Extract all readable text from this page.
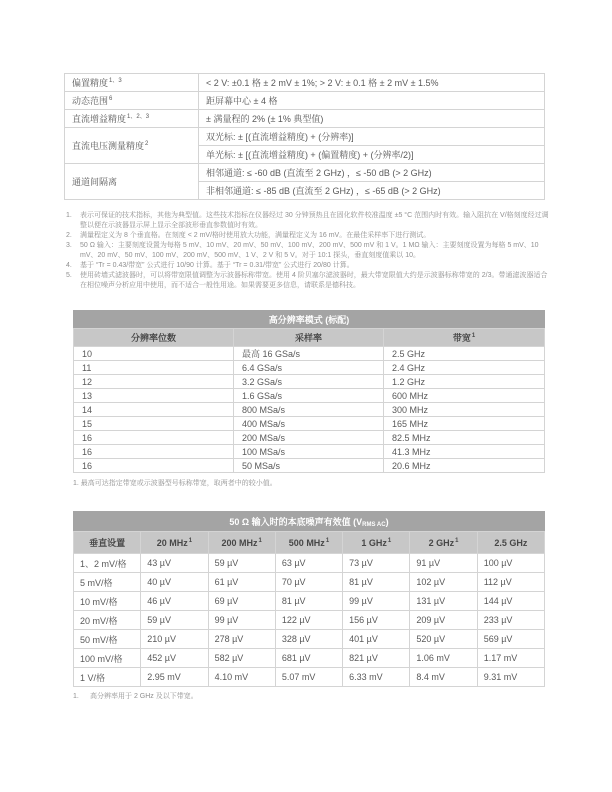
偏置精度$^{1、3}$	< 2 V: ±0.1 格 ± 2 mV ± 1%; > 2 V: ± 0.1 格 ± 2 mV ± 1.5%
动态范围$^6$	距屏幕中心 ± 4 格
直流增益精度$^{1、2、3}$	± 满量程的 2% (± 1% 典型值)
直流电压测量精度$^2$	双光标: ± [(直流增益精度) + (分辨率)]
	单光标: ± [(直流增益精度) + (偏置精度) + (分辨率/2)]
通道间隔离	相邻通道: ≤ -60 dB (直流至 2 GHz) ，≤ -50 dB (> 2 GHz)
	非相邻通道: ≤ -85 dB (直流至 2 GHz) ，≤ -65 dB (> 2 GHz)
1.	表示可保证的技术指标，其他为典型值。这些技术指标在仪器经过 30 分钟预热且在固化软件校准温度 ±5 °C 范围内时有效。输入阻抗在 V/格刻度经过调整以便在示波器显示屏上显示全部波形垂直参数值时有效。
2.	满量程定义为 8 个垂直格。在刻度 < 2 mV/格时使用放大功能，满量程定义为 16 mV。在最佳采样率下进行测试。
3.	50 Ω 输入：主要刻度设置为每格 5 mV、10 mV、20 mV、50 mV、100 mV、200 mV、500 mV 和 1 V。1 MΩ 输入：主要刻度设置为每格 5 mV、10 mV、20 mV、50 mV、100 mV、200 mV、500 mV、1 V、2 V 和 5 V。对于 10:1 探头，垂直刻度值乘以 10。
4.	基于 “Tr = 0.43/带宽” 公式进行 10/90 计算。基于 “Tr = 0.31/带宽” 公式进行 20/80 计算。
5.	使用砖墙式滤波器时，可以将带宽限值调整为示波器标称带宽。使用 4 阶贝塞尔滤波器时，最大带宽限值大约是示波器标称带宽的 2/3。带通滤波器适合在相位噪声分析应用中使用，而不适合一般性用途。如果需要更多信息，请联系是德科技。
高分辨率模式 (标配)
分辨率位数	采样率	带宽$^1$
10	最高 16 GSa/s	2.5 GHz
11	6.4 GSa/s	2.4 GHz
12	3.2 GSa/s	1.2 GHz
13	1.6 GSa/s	600 MHz
14	800 MSa/s	300 MHz
15	400 MSa/s	165 MHz
16	200 MSa/s	82.5 MHz
16	100 MSa/s	41.3 MHz
16	50 MSa/s	20.6 MHz
1. 最高可达指定带宽或示波器型号标称带宽，取两者中的较小值。
50 Ω 输入时的本底噪声有效值 (VRMS AC)
垂直设置	20 MHz$^1$	200 MHz$^1$	500 MHz$^1$	1 GHz$^1$	2 GHz$^1$	2.5 GHz
1、2 mV/格	43 µV	59 µV	63 µV	73 µV	91 µV	100 µV
5 mV/格	40 µV	61 µV	70 µV	81 µV	102 µV	112 µV
10 mV/格	46 µV	69 µV	81 µV	99 µV	131 µV	144 µV
20 mV/格	59 µV	99 µV	122 µV	156 µV	209 µV	233 µV
50 mV/格	210 µV	278 µV	328 µV	401 µV	520 µV	569 µV
100 mV/格	452 µV	582 µV	681 µV	821 µV	1.06 mV	1.17 mV
1 V/格	2.95 mV	4.10 mV	5.07 mV	6.33 mV	8.4 mV	9.31 mV
1.	高分辨率用于 2 GHz 及以下带宽。
